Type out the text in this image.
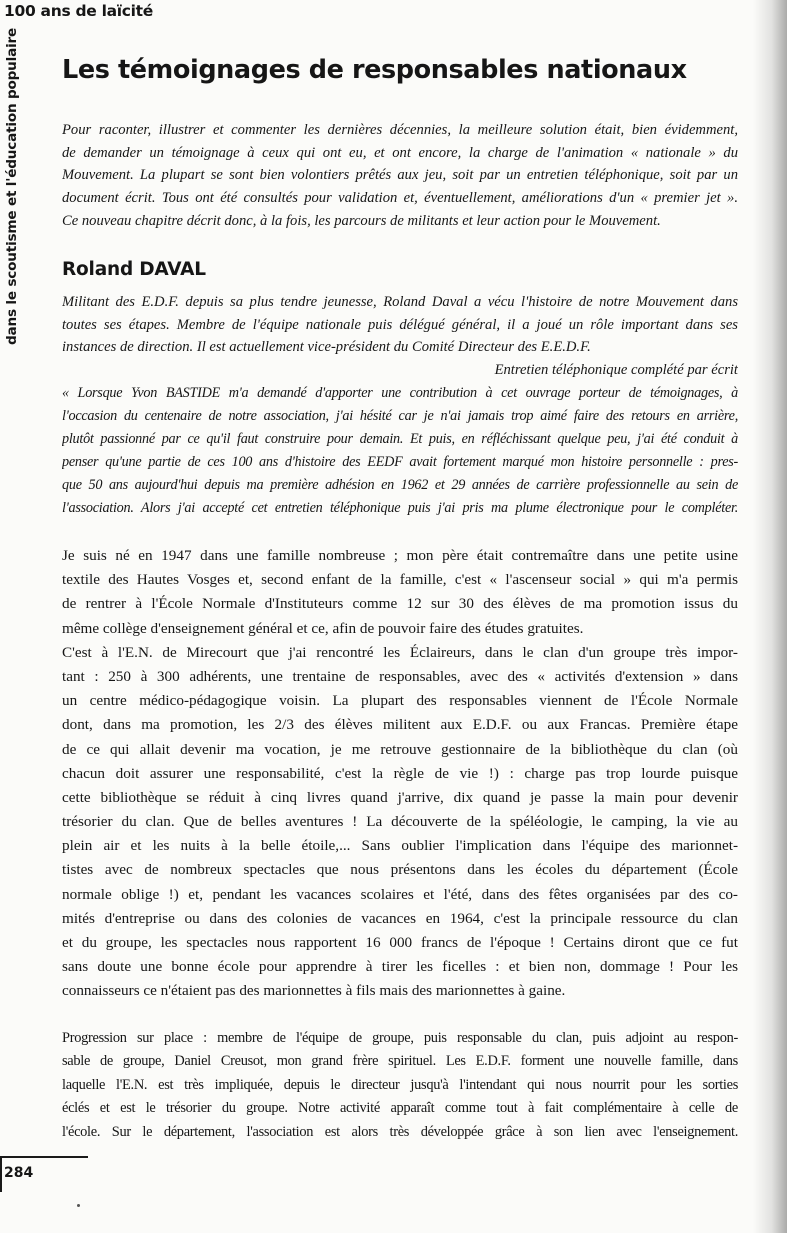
100 ans de laïcité
dans le scoutisme et l'éducation populaire Les témoignages de responsables nationaux
Pour raconter, illustrer et commenter les dernières décennies, la meilleure solution était, bien évidemment,
de demander un témoignage à ceux qui ont eu, et ont encore, la charge de l'animation « nationale » du
Mouvement. La plupart se sont bien volontiers prêtés aux jeu, soit par un entretien téléphonique, soit par un
document écrit. Tous ont été consultés pour validation et, éventuellement, améliorations d'un « premier jet ».
Ce nouveau chapitre décrit donc, à la fois, les parcours de militants et leur action pour le Mouvement.
Roland DAVAL
Militant des E.D.F. depuis sa plus tendre jeunesse, Roland Daval a vécu l'histoire de notre Mouvement dans
toutes ses étapes. Membre de l'équipe nationale puis délégué général, il a joué un rôle important dans ses
instances de direction. Il est actuellement vice-président du Comité Directeur des E.E.D.F.
Entretien téléphonique complété par écrit
« Lorsque Yvon BASTIDE m'a demandé d'apporter une contribution à cet ouvrage porteur de témoignages, à
l'occasion du centenaire de notre association, j'ai hésité car je n'ai jamais trop aimé faire des retours en arrière,
plutôt passionné par ce qu'il faut construire pour demain. Et puis, en réfléchissant quelque peu, j'ai été conduit à
penser qu'une partie de ces 100 ans d'histoire des EEDF avait fortement marqué mon histoire personnelle : pres-
que 50 ans aujourd'hui depuis ma première adhésion en 1962 et 29 années de carrière professionnelle au sein de
l'association. Alors j'ai accepté cet entretien téléphonique puis j'ai pris ma plume électronique pour le compléter.
Je suis né en 1947 dans une famille nombreuse ; mon père était contremaître dans une petite usine
textile des Hautes Vosges et, second enfant de la famille, c'est « l'ascenseur social » qui m'a permis
de rentrer à l'École Normale d'Instituteurs comme 12 sur 30 des élèves de ma promotion issus du
même collège d'enseignement général et ce, afin de pouvoir faire des études gratuites.
C'est à l'E.N. de Mirecourt que j'ai rencontré les Éclaireurs, dans le clan d'un groupe très impor-
tant : 250 à 300 adhérents, une trentaine de responsables, avec des « activités d'extension » dans
un centre médico-pédagogique voisin. La plupart des responsables viennent de l'École Normale
dont, dans ma promotion, les 2/3 des élèves militent aux E.D.F. ou aux Francas. Première étape
de ce qui allait devenir ma vocation, je me retrouve gestionnaire de la bibliothèque du clan (où
chacun doit assurer une responsabilité, c'est la règle de vie !) : charge pas trop lourde puisque
cette bibliothèque se réduit à cinq livres quand j'arrive, dix quand je passe la main pour devenir
trésorier du clan. Que de belles aventures ! La découverte de la spéléologie, le camping, la vie au
plein air et les nuits à la belle étoile,... Sans oublier l'implication dans l'équipe des marionnet-
tistes avec de nombreux spectacles que nous présentons dans les écoles du département (École
normale oblige !) et, pendant les vacances scolaires et l'été, dans des fêtes organisées par des co-
mités d'entreprise ou dans des colonies de vacances en 1964, c'est la principale ressource du clan
et du groupe, les spectacles nous rapportent 16 000 francs de l'époque ! Certains diront que ce fut
sans doute une bonne école pour apprendre à tirer les ficelles : et bien non, dommage ! Pour les
connaisseurs ce n'étaient pas des marionnettes à fils mais des marionnettes à gaine.
Progression sur place : membre de l'équipe de groupe, puis responsable du clan, puis adjoint au respon-
sable de groupe, Daniel Creusot, mon grand frère spirituel. Les E.D.F. forment une nouvelle famille, dans
laquelle l'E.N. est très impliquée, depuis le directeur jusqu'à l'intendant qui nous nourrit pour les sorties
éclés et est le trésorier du groupe. Notre activité apparaît comme tout à fait complémentaire à celle de
l'école. Sur le département, l'association est alors très développée grâce à son lien avec l'enseignement.
284
